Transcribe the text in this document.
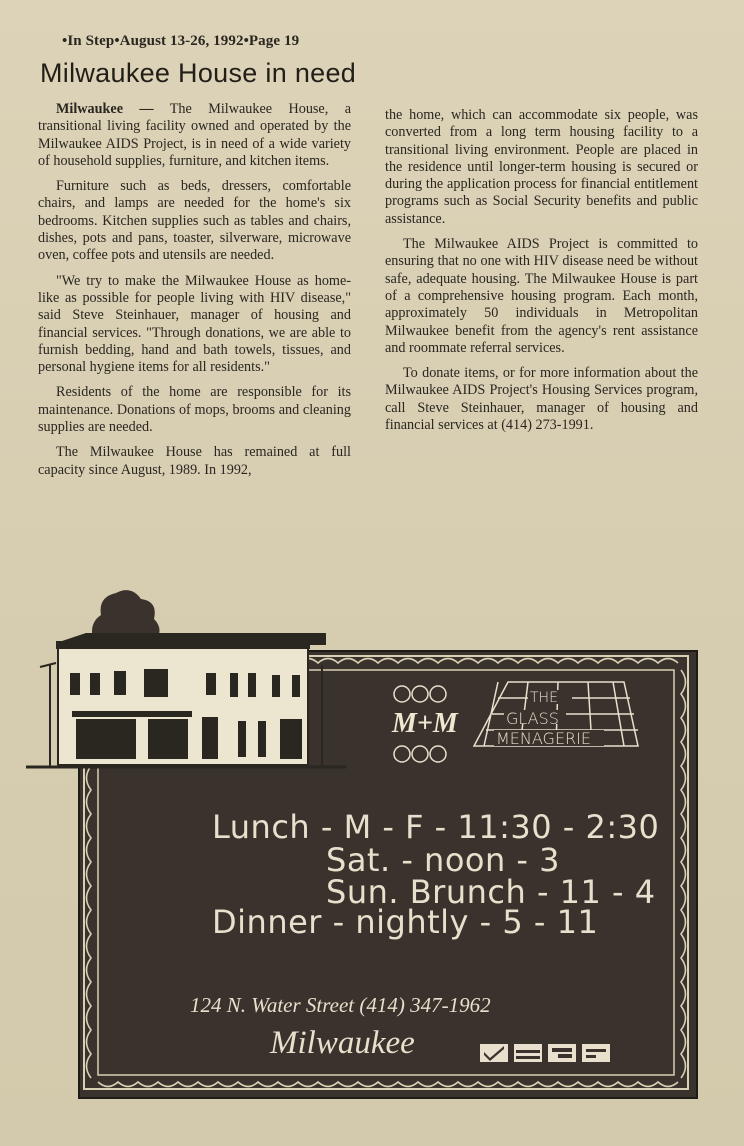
•In Step•August 13-26, 1992•Page 19
Milwaukee House in need

Milwaukee — The Milwaukee House, a transitional living facility owned and operated by the Milwaukee AIDS Project, is in need of a wide variety of household supplies, furniture, and kitchen items.

Furniture such as beds, dressers, comfortable chairs, and lamps are needed for the home's six bedrooms. Kitchen supplies such as tables and chairs, dishes, pots and pans, toaster, silverware, microwave oven, coffee pots and utensils are needed.

"We try to make the Milwaukee House as home-like as possible for people living with HIV disease," said Steve Steinhauer, manager of housing and financial services. "Through donations, we are able to furnish bedding, hand and bath towels, tissues, and personal hygiene items for all residents."

Residents of the home are responsible for its maintenance. Donations of mops, brooms and cleaning supplies are needed.

The Milwaukee House has remained at full capacity since August, 1989. In 1992,

the home, which can accommodate six people, was converted from a long term housing facility to a transitional living environment. People are placed in the residence until longer-term housing is secured or during the application process for financial entitlement programs such as Social Security benefits and public assistance.

The Milwaukee AIDS Project is committed to ensuring that no one with HIV disease need be without safe, adequate housing. The Milwaukee House is part of a comprehensive housing program. Each month, approximately 50 individuals in Metropolitan Milwaukee benefit from the agency's rent assistance and roommate referral services.

To donate items, or for more information about the Milwaukee AIDS Project's Housing Services program, call Steve Steinhauer, manager of housing and financial services at (414) 273-1991.

M+M
THE
GLASS
MENAGERIE
Lunch - M - F - 11:30 - 2:30
Sat. - noon - 3
Sun. Brunch - 11 - 4
Dinner - nightly - 5 - 11
124 N. Water Street (414) 347-1962
Milwaukee
